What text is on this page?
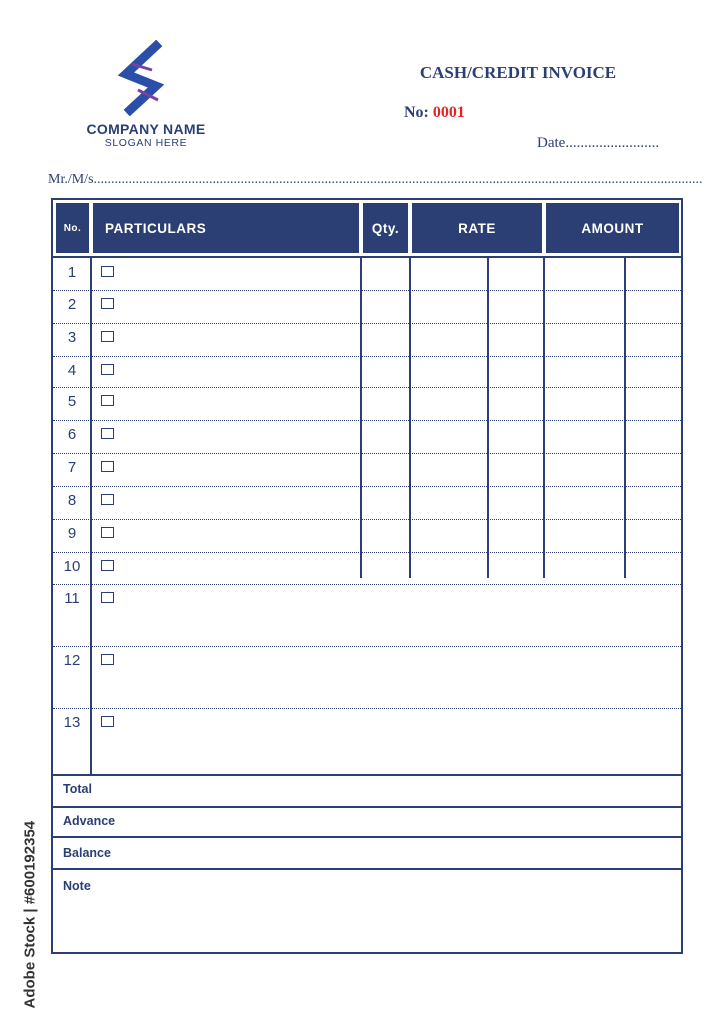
COMPANY NAME
SLOGAN HERE
CASH/CREDIT INVOICE
No: 0001
Date.........................
Mr./M/s..............................................................................................................................................................................
No.	PARTICULARS	Qty.	RATE	AMOUNT
1
2
3
4
5
6
7
8
9
10
11
12
13
Total
Advance
Balance
Note
Adobe Stock | #600192354
